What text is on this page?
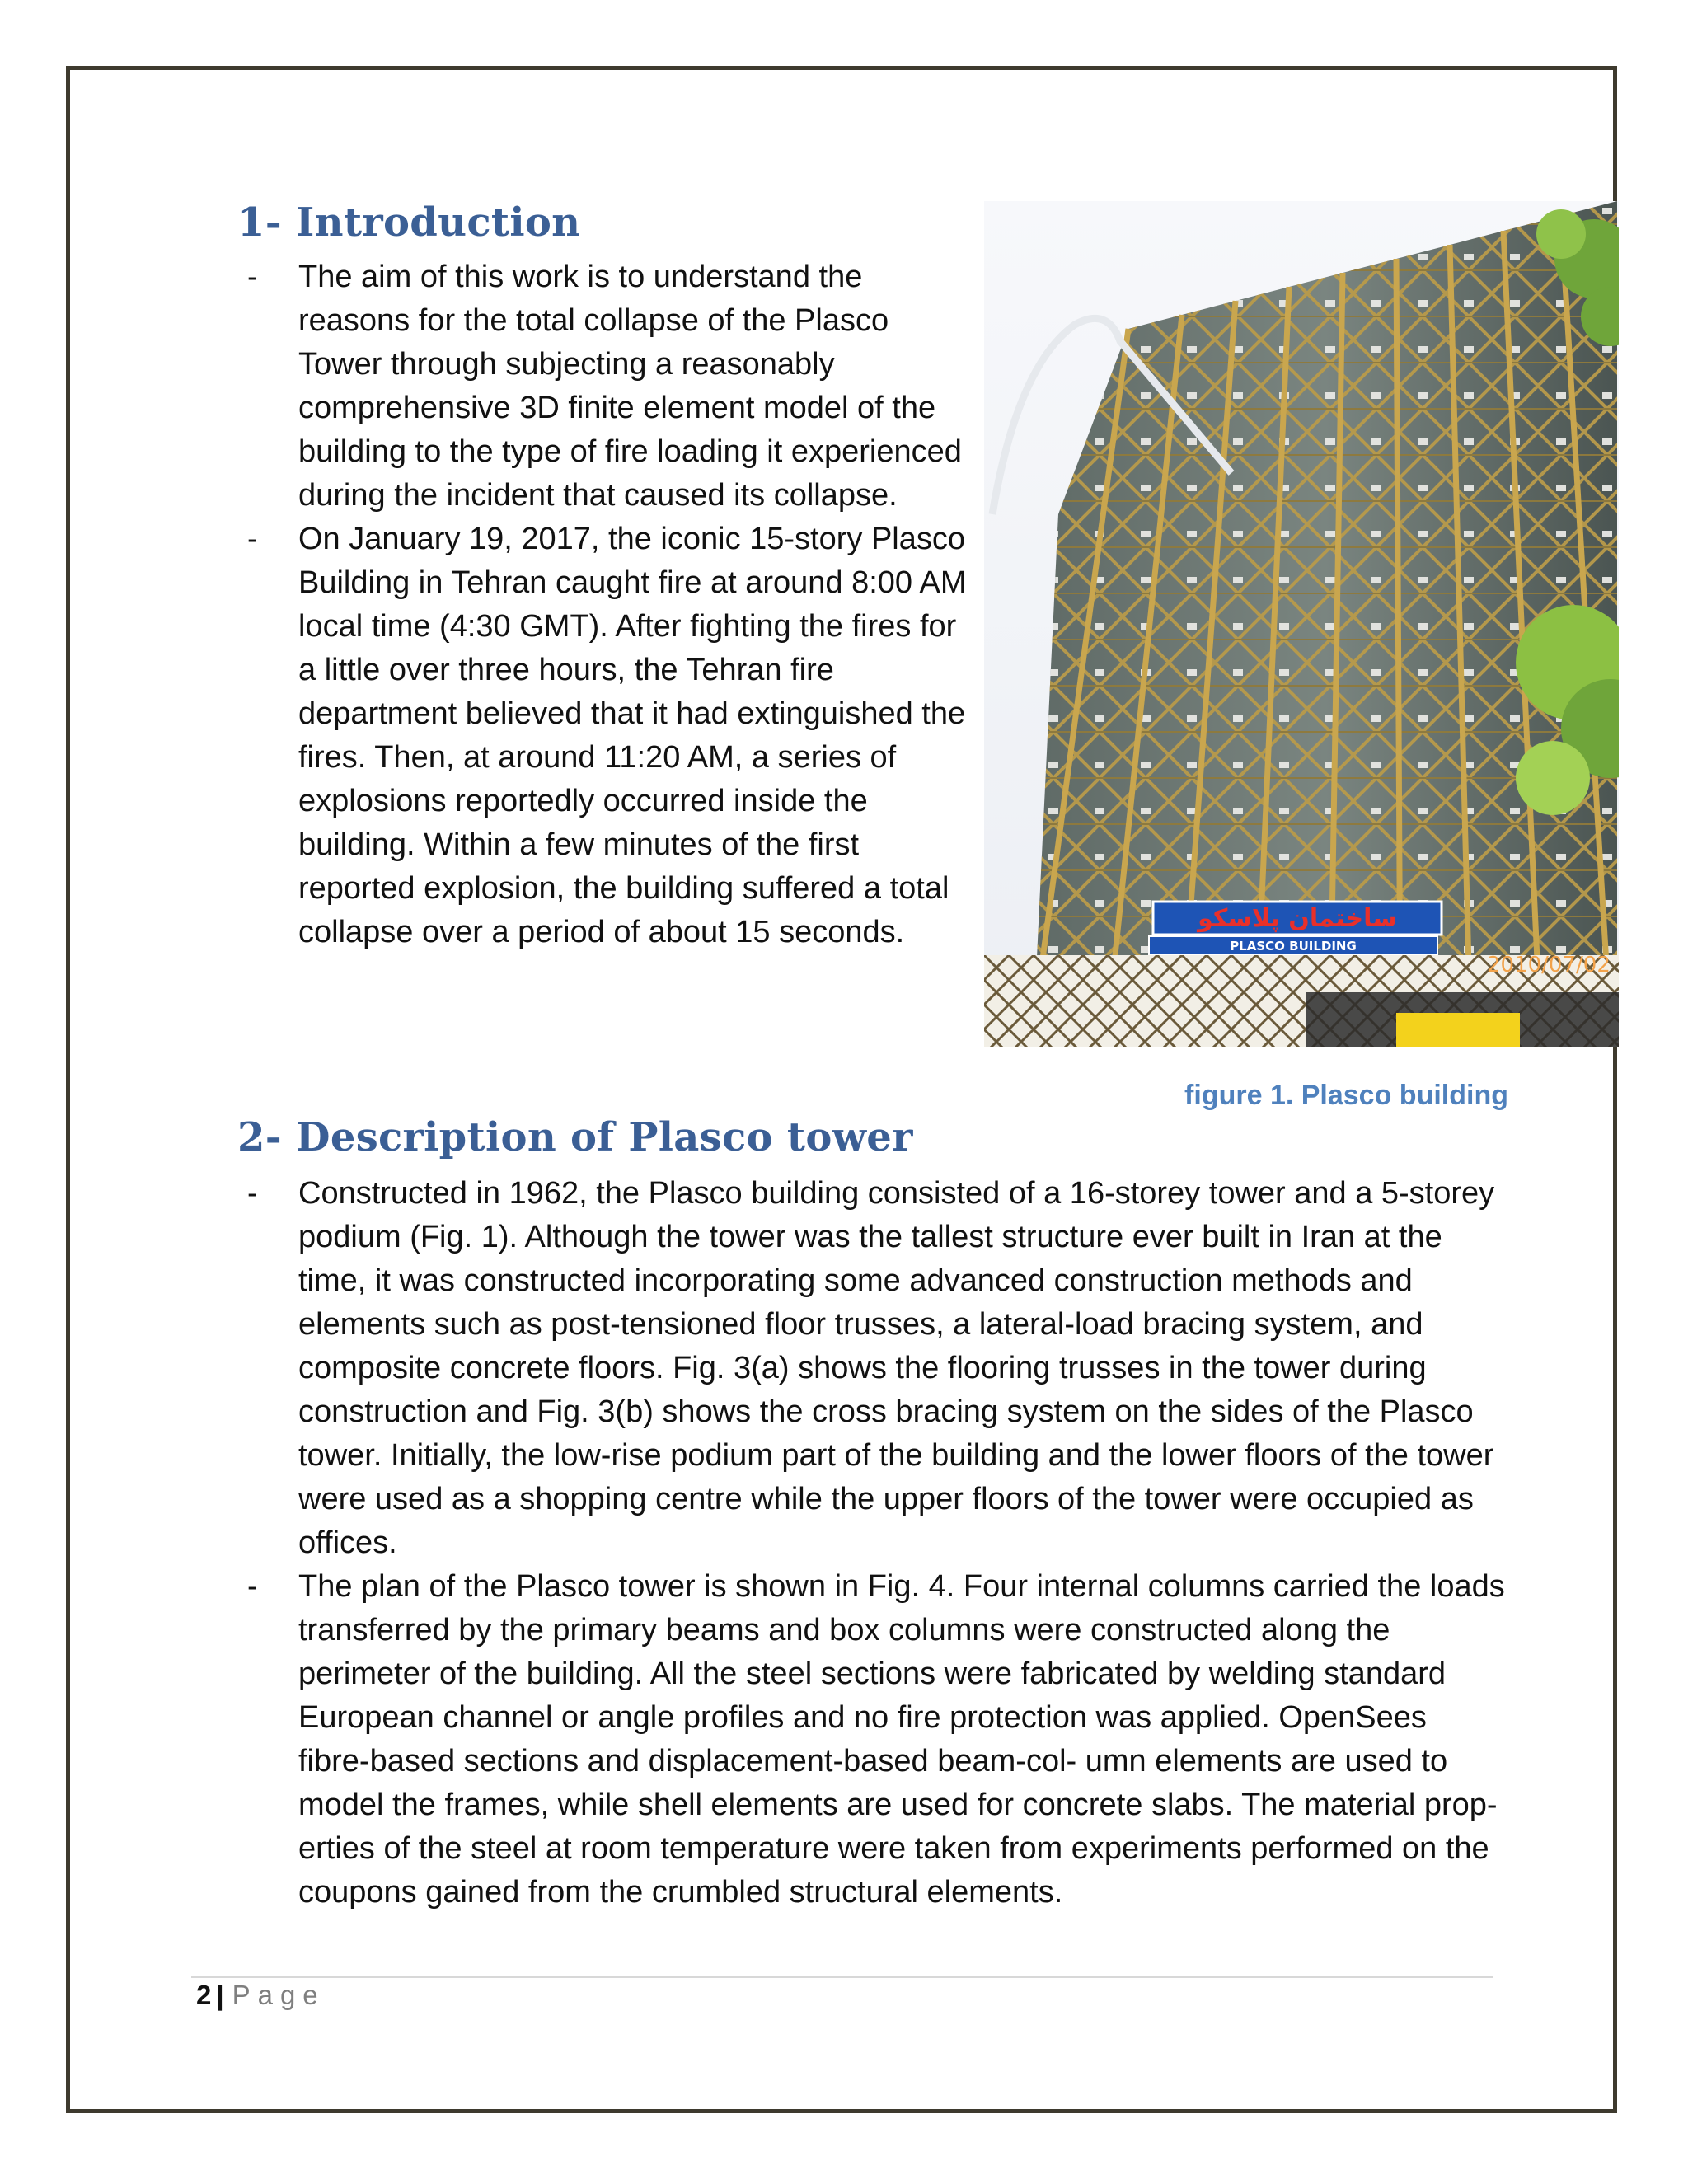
1- Introduction
- The aim of this work is to understand the reasons for the total collapse of the Plasco Tower through subjecting a reasonably comprehensive 3D finite element model of the building to the type of fire loading it experienced during the incident that caused its collapse.
- On January 19, 2017, the iconic 15-story Plasco Building in Tehran caught fire at around 8:00 AM local time (4:30 GMT). After fighting the fires for a little over three hours, the Tehran fire department believed that it had extinguished the fires. Then, at around 11:20 AM, a series of explosions reportedly occurred inside the building. Within a few minutes of the first reported explosion, the building suffered a total collapse over a period of about 15 seconds.	ساختمان پلاسکو
PLASCO BUILDING
2010/07/02
figure 1. Plasco building
2- Description of Plasco tower
- Constructed in 1962, the Plasco building consisted of a 16-storey tower and a 5-storey podium (Fig. 1). Although the tower was the tallest structure ever built in Iran at the time, it was constructed incorporating some advanced construction methods and elements such as post-tensioned floor trusses, a lateral-load bracing system, and composite concrete floors. Fig. 3(a) shows the flooring trusses in the tower during construction and Fig. 3(b) shows the cross bracing system on the sides of the Plasco tower. Initially, the low-rise podium part of the building and the lower floors of the tower were used as a shopping centre while the upper floors of the tower were occupied as offices.
- The plan of the Plasco tower is shown in Fig. 4. Four internal columns carried the loads transferred by the primary beams and box columns were constructed along the perimeter of the building. All the steel sections were fabricated by welding standard European channel or angle profiles and no fire protection was applied. OpenSees fibre-based sections and displacement-based beam-col- umn elements are used to model the frames, while shell elements are used for concrete slabs. The material prop- erties of the steel at room temperature were taken from experiments performed on the coupons gained from the crumbled structural elements.
2 | Page
